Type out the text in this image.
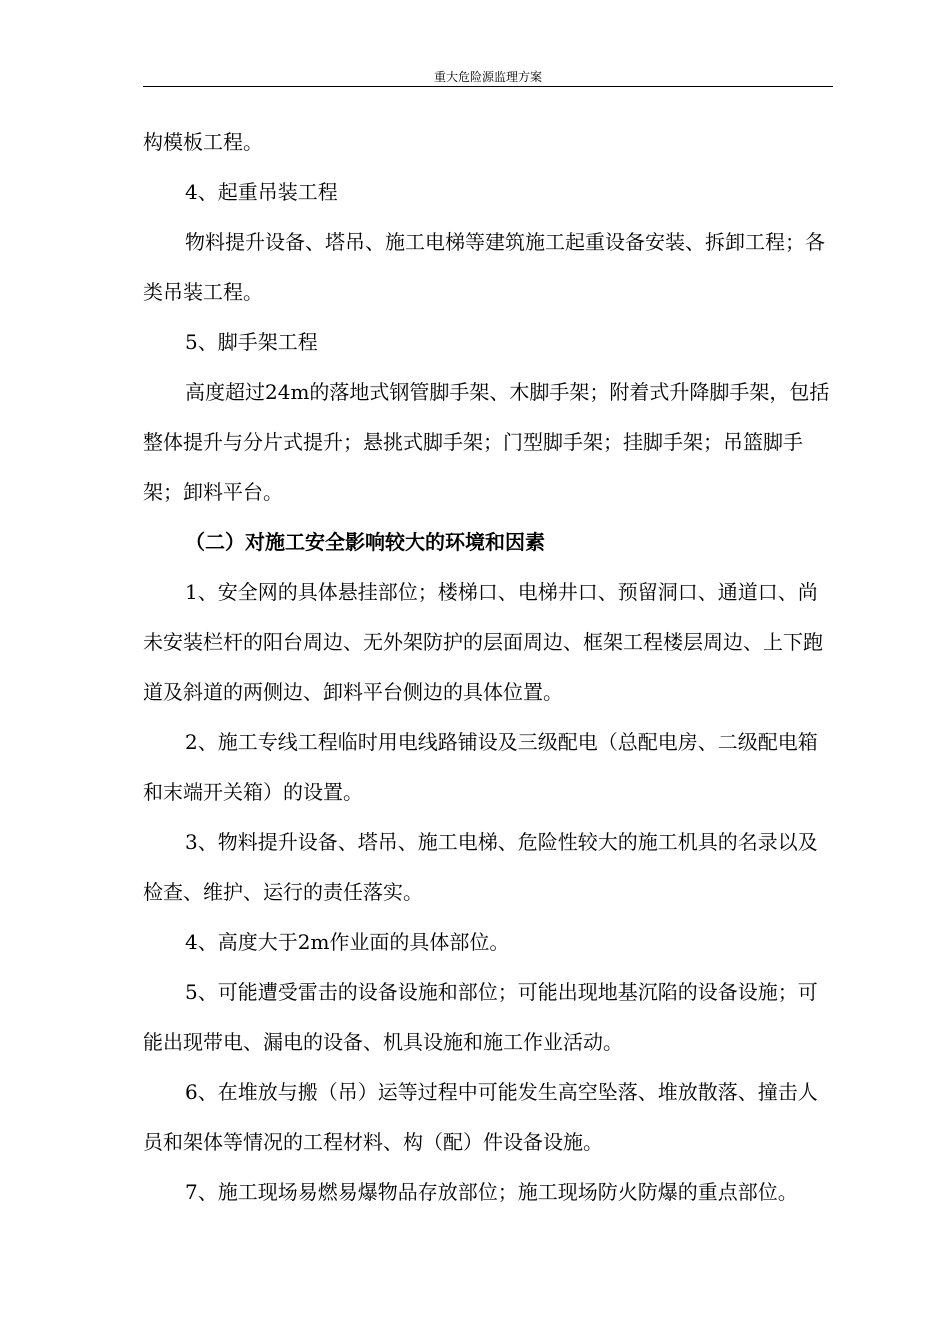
重大危险源监理方案

构模板工程。

4、起重吊装工程

物料提升设备、塔吊、施工电梯等建筑施工起重设备安装、拆卸工程；各类吊装工程。

5、脚手架工程

高度超过24m的落地式钢管脚手架、木脚手架；附着式升降脚手架，包括整体提升与分片式提升；悬挑式脚手架；门型脚手架；挂脚手架；吊篮脚手架；卸料平台。

（二）对施工安全影响较大的环境和因素

1、安全网的具体悬挂部位；楼梯口、电梯井口、预留洞口、通道口、尚未安装栏杆的阳台周边、无外架防护的层面周边、框架工程楼层周边、上下跑道及斜道的两侧边、卸料平台侧边的具体位置。

2、施工专线工程临时用电线路铺设及三级配电（总配电房、二级配电箱和末端开关箱）的设置。

3、物料提升设备、塔吊、施工电梯、危险性较大的施工机具的名录以及检查、维护、运行的责任落实。

4、高度大于2m作业面的具体部位。

5、可能遭受雷击的设备设施和部位；可能出现地基沉陷的设备设施；可能出现带电、漏电的设备、机具设施和施工作业活动。

6、在堆放与搬（吊）运等过程中可能发生高空坠落、堆放散落、撞击人员和架体等情况的工程材料、构（配）件设备设施。

7、施工现场易燃易爆物品存放部位；施工现场防火防爆的重点部位。
